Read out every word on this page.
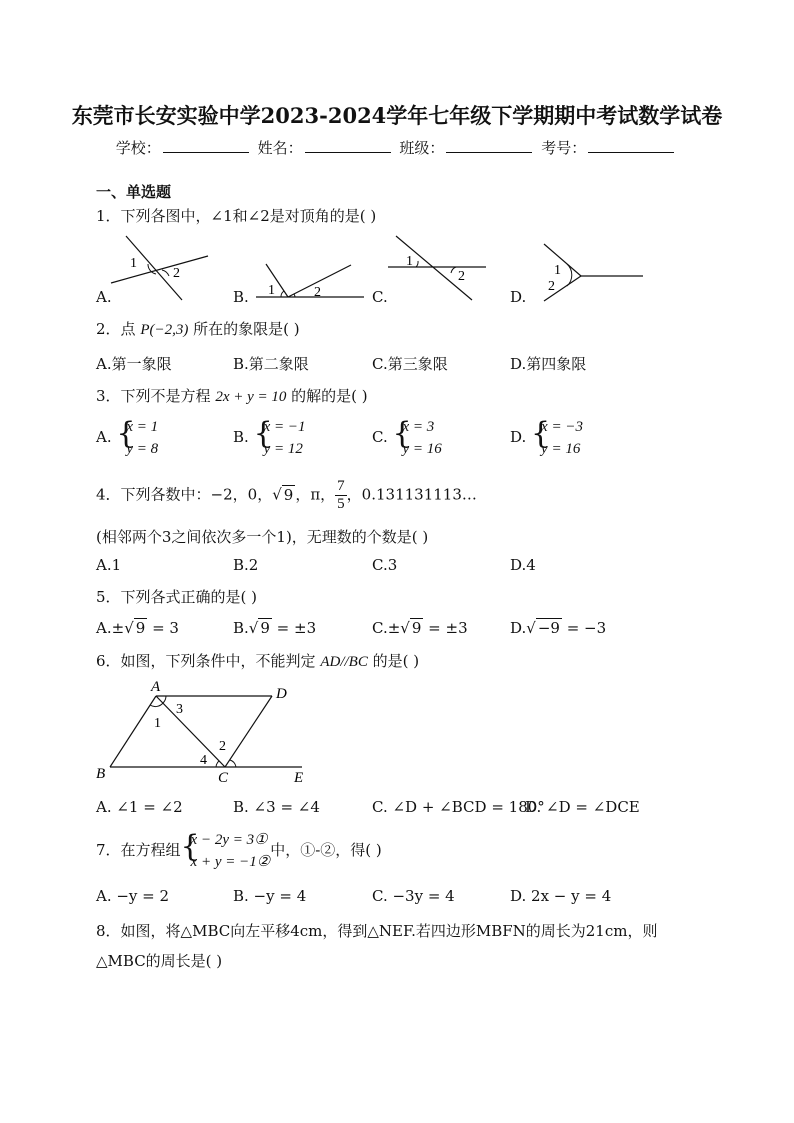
东莞市长安实验中学2023-2024学年七年级下学期期中考试数学试卷
学校：	姓名：	班级：	考号：
一、单选题
1．下列各图中，∠1和∠2是对顶角的是( )
1
2
1	2
1
2	1
2
A.	B.	C.	D.
2．点 P(−2,3) 所在的象限是( )
A.第一象限	B.第二象限	C.第三象限	D.第四象限
3．下列不是方程 2x + y = 10 的解的是( )
A. {
x = 1
y = 8
B. {
x = −1
y = 12
C. {
x = 3
y = 16
D. {
x = −3
y = 16
4．下列各数中：−2，0，√ 9 ，π， $\frac{7}{5}$ ，0.131131113…
(相邻两个3之间依次多一个1)，无理数的个数是( )
A.1	B.2	C.3	D.4
5．下列各式正确的是( )
A.±√ 9 = 3	B.√ 9 = ±3	C.±√ 9 = ±3	D.√ −9 = −3
6．如图，下列条件中，不能判定 AD//BC 的是( )
A	D
B	C	E
1
3
4
2
A. ∠1 = ∠2	B. ∠3 = ∠4	C. ∠D + ∠BCD = 180°
D. ∠D = ∠DCE
7．在方程组 {
x − 2y = 3①
x + y = −1②
中，①-②，得( )
A. −y = 2	B. −y = 4	C. −3y = 4	D. 2x − y = 4
8．如图，将△MBC向左平移4cm，得到△NEF.若四边形MBFN的周长为21cm，则
△MBC的周长是( )
